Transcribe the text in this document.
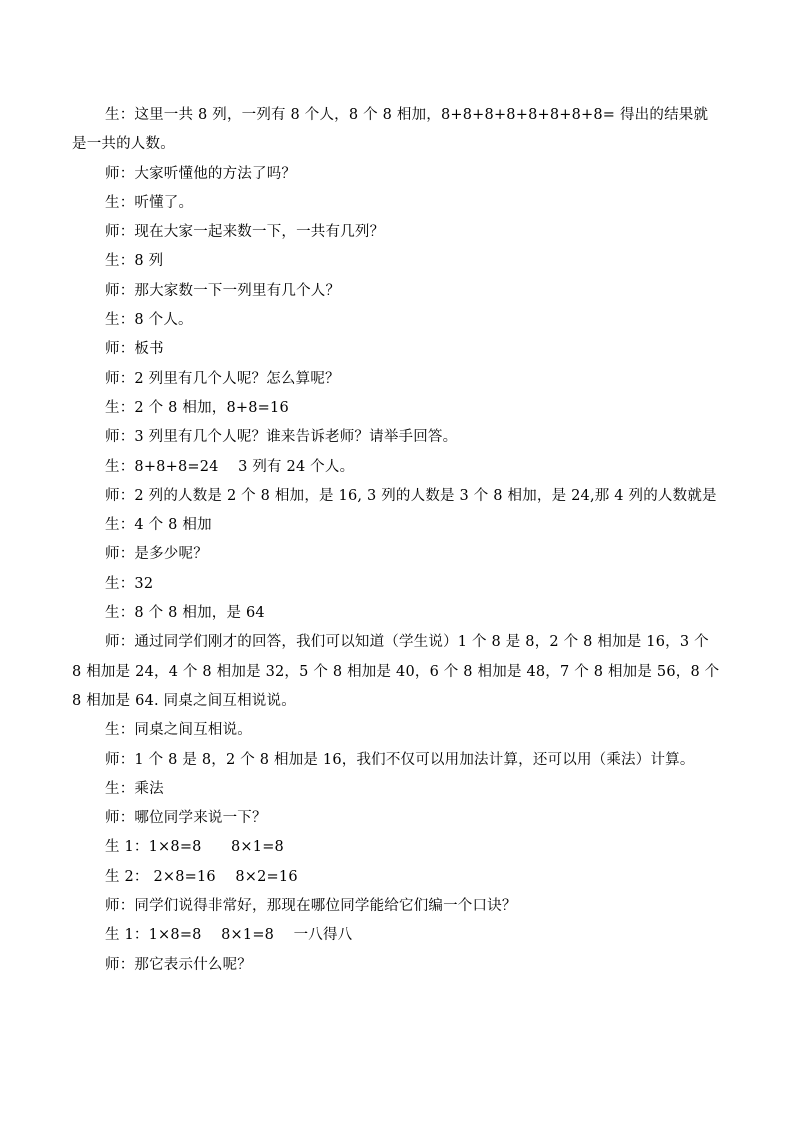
生：这里一共 8 列，一列有 8 个人，8 个 8 相加，8+8+8+8+8+8+8+8= 得出的结果就是一共的人数。

师：大家听懂他的方法了吗？

生：听懂了。

师：现在大家一起来数一下，一共有几列？

生：8 列

师：那大家数一下一列里有几个人？

生：8 个人。

师：板书

师：2 列里有几个人呢？怎么算呢？

生：2 个 8 相加，8+8=16

师：3 列里有几个人呢？谁来告诉老师？请举手回答。

生：8+8+8=24　 3 列有 24 个人。

师：2 列的人数是 2 个 8 相加，是 16, 3 列的人数是 3 个 8 相加，是 24,那 4 列的人数就是

生：4 个 8 相加

师：是多少呢？

生：32

生：8 个 8 相加，是 64

师：通过同学们刚才的回答，我们可以知道（学生说）1 个 8 是 8，2 个 8 相加是 16，3 个 8 相加是 24，4 个 8 相加是 32，5 个 8 相加是 40，6 个 8 相加是 48，7 个 8 相加是 56，8 个 8 相加是 64. 同桌之间互相说说。

生：同桌之间互相说。

师：1 个 8 是 8，2 个 8 相加是 16，我们不仅可以用加法计算，还可以用（乘法）计算。

生：乘法

师：哪位同学来说一下？

生 1：1×8=8　　8×1=8

生 2： 2×8=16　 8×2=16

师：同学们说得非常好，那现在哪位同学能给它们编一个口诀？

生 1：1×8=8　 8×1=8　 一八得八

师：那它表示什么呢？
